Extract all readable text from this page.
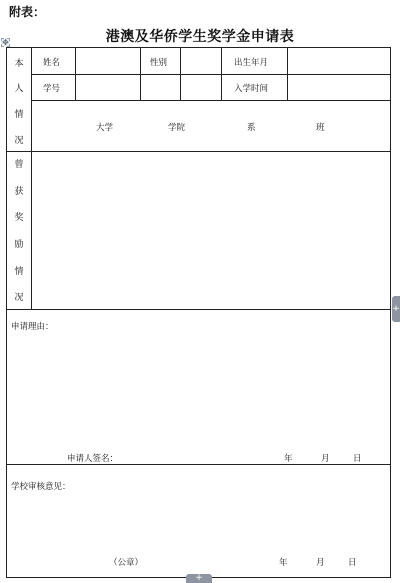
附表：
港澳及华侨学生奖学金申请表
✥
本
人
情
况
姓名	性别	出生年月
学号	入学时间
大学	学院	系	班
曾
获
奖
励
情
况
申请理由：
申请人签名：	年	月	日
学校审核意见：
（公章）	年	月	日
+
+
